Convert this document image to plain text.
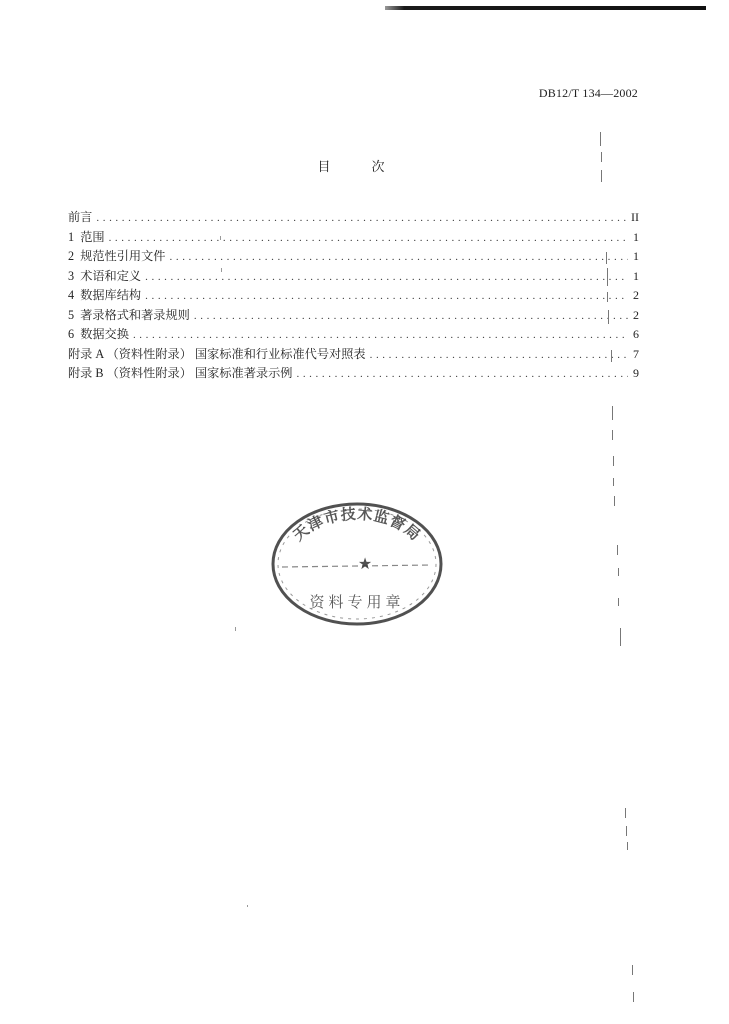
DB12/T 134—2002
目　次
前言 .....	II
1  范围 .....	1
2  规范性引用文件 .....	1
3  术语和定义 .....	1
4  数据库结构 .....	2
5  著录格式和著录规则 .....	2
6  数据交换 .....	6
附录 A （资料性附录） 国家标准和行业标准代号对照表 .....	7
附录 B （资料性附录） 国家标准著录示例 .....	9
天津市技术监督局
★
资料专用章
